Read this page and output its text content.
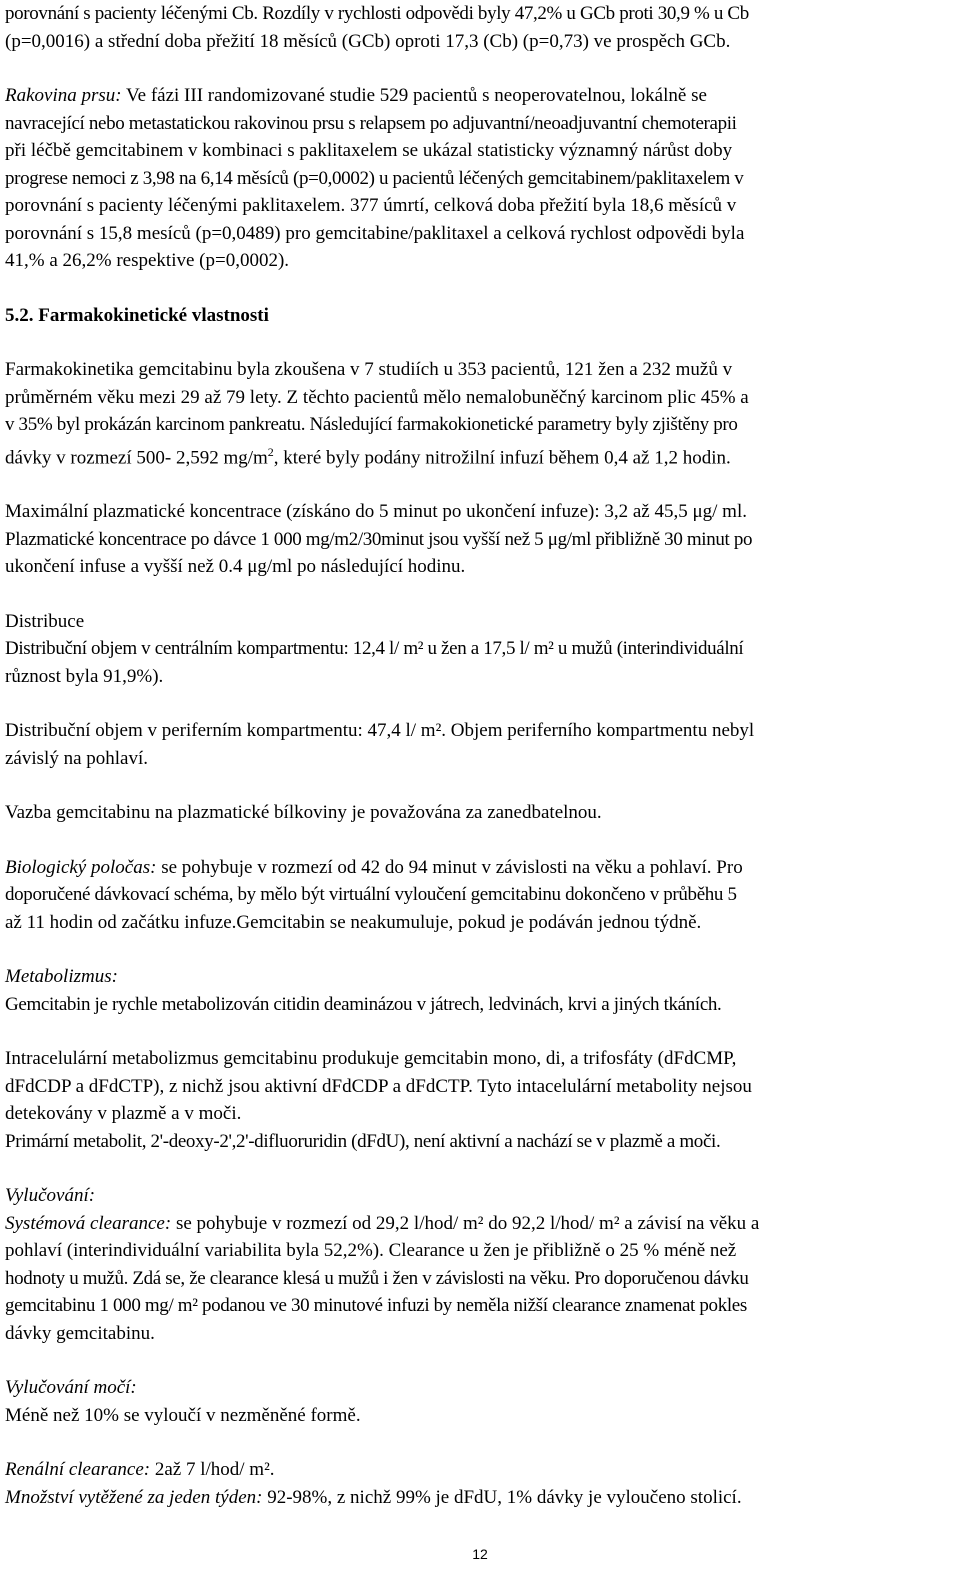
porovnání s pacienty léčenými Cb. Rozdíly v rychlosti odpovědi byly 47,2% u GCb proti 30,9 % u Cb

(p=0,0016) a střední doba přežití 18 měsíců (GCb) oproti 17,3 (Cb) (p=0,73) ve prospěch GCb.

Rakovina prsu: Ve fázi III randomizované studie 529 pacientů s neoperovatelnou, lokálně se

navracející nebo metastatickou rakovinou prsu s relapsem po adjuvantní/neoadjuvantní chemoterapii

při léčbě gemcitabinem v kombinaci s paklitaxelem se ukázal statisticky významný nárůst doby

progrese nemoci z 3,98 na 6,14 měsíců (p=0,0002) u pacientů léčených gemcitabinem/paklitaxelem v

porovnání s pacienty léčenými paklitaxelem. 377 úmrtí, celková doba přežití byla 18,6 měsíců v

porovnání s 15,8 mesíců (p=0,0489) pro gemcitabine/paklitaxel a celková rychlost odpovědi byla

41,% a 26,2% respektive (p=0,0002).

5.2. Farmakokinetické vlastnosti

Farmakokinetika gemcitabinu byla zkoušena v 7 studiích u 353 pacientů, 121 žen a 232 mužů v

průměrném věku mezi 29 až 79 lety. Z těchto pacientů mělo nemalobuněčný karcinom plic 45% a

v 35% byl prokázán karcinom pankreatu. Následující farmakokionetické parametry byly zjištěny pro

dávky v rozmezí 500- 2,592 $mg/m^2$, které byly podány nitrožilní infuzí během 0,4 až 1,2 hodin.

Maximální plazmatické koncentrace (získáno do 5 minut po ukončení infuze): 3,2 až 45,5 μg/ ml.

Plazmatické koncentrace po dávce 1 000 mg/m2/30minut jsou vyšší než 5 μg/ml přibližně 30 minut po

ukončení infuse a vyšší než 0.4 μg/ml po následující hodinu.

Distribuce

Distribuční objem v centrálním kompartmentu: 12,4 l/ m² u žen a 17,5 l/ m² u mužů (interindividuální

různost byla 91,9%).

Distribuční objem v periferním kompartmentu: 47,4 l/ m². Objem periferního kompartmentu nebyl

závislý na pohlaví.

Vazba gemcitabinu na plazmatické bílkoviny je považována za zanedbatelnou.

Biologický poločas: se pohybuje v rozmezí od 42 do 94 minut v závislosti na věku a pohlaví. Pro

doporučené dávkovací schéma, by mělo být virtuální vyloučení gemcitabinu dokončeno v průběhu 5

až 11 hodin od začátku infuze.Gemcitabin se neakumuluje, pokud je podáván jednou týdně.

Metabolizmus:

Gemcitabin je rychle metabolizován citidin deaminázou v játrech, ledvinách, krvi a jiných tkáních.

Intracelulární metabolizmus gemcitabinu produkuje gemcitabin mono, di, a trifosfáty (dFdCMP,

dFdCDP a dFdCTP), z nichž jsou aktivní dFdCDP a dFdCTP. Tyto intacelulární metabolity nejsou

detekovány v plazmě a v moči.

Primární metabolit, 2'-deoxy-2',2'-difluoruridin (dFdU), není aktivní a nachází se v plazmě a moči.

Vylučování:

Systémová clearance: se pohybuje v rozmezí od 29,2 l/hod/ m² do 92,2 l/hod/ m² a závisí na věku a

pohlaví (interindividuální variabilita byla 52,2%). Clearance u žen je přibližně o 25 % méně než

hodnoty u mužů. Zdá se, že clearance klesá u mužů i žen v závislosti na věku. Pro doporučenou dávku

gemcitabinu 1 000 mg/ m² podanou ve 30 minutové infuzi by neměla nižší clearance znamenat pokles

dávky gemcitabinu.

Vylučování močí:

Méně než 10% se vyloučí v nezměněné formě.

Renální clearance: 2až 7 l/hod/ m².

Množství vytěžené za jeden týden: 92-98%, z nichž 99% je dFdU, 1% dávky je vyloučeno stolicí.

12
